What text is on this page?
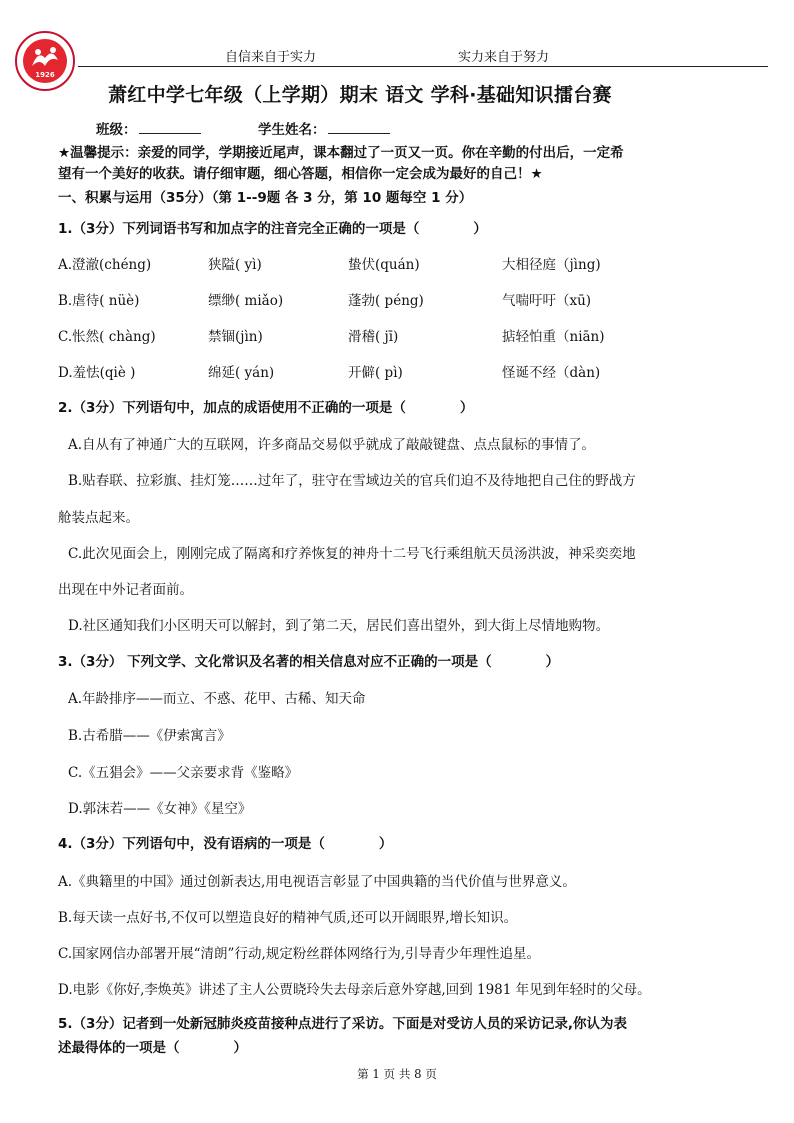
1926
自信来自于实力	实力来自于努力
萧红中学七年级（上学期）期末 语文 学科·基础知识擂台赛
班级：	学生姓名：
★温馨提示：亲爱的同学，学期接近尾声，课本翻过了一页又一页。你在辛勤的付出后，一定希
望有一个美好的收获。请仔细审题，细心答题，相信你一定会成为最好的自己！★
一、积累与运用（35分）（第 1--9题 各 3 分，第 10 题每空 1 分）
1.（3分）下列词语书写和加点字的注音完全正确的一项是（　　　　）
A.澄澈(chéng)	狭隘( yì)	蛰伏(quán)	大相径庭（jìng)
B.虐待( nüè)	缥缈( miǎo)	蓬勃( péng)	气喘吁吁（xū)
C.怅然( chàng)	禁锢(jìn)	滑稽( jī)	掂轻怕重（niān)
D.羞怯(qiè )	绵延( yán)	开僻( pì)	怪诞不经（dàn)
2.（3分）下列语句中，加点的成语使用不正确的一项是（　　　　）
A.自从有了神通广大的互联网，许多商品交易似乎就成了敲敲键盘、点点鼠标的事情了。
B.贴春联、拉彩旗、挂灯笼……过年了，驻守在雪域边关的官兵们迫不及待地把自己住的野战方
舱装点起来。
C.此次见面会上，刚刚完成了隔离和疗养恢复的神舟十二号飞行乘组航天员汤洪波，神采奕奕地
出现在中外记者面前。
D.社区通知我们小区明天可以解封，到了第二天，居民们喜出望外，到大街上尽情地购物。
3.（3分） 下列文学、文化常识及名著的相关信息对应不正确的一项是（　　　　）
A.年龄排序——而立、不惑、花甲、古稀、知天命
B.古希腊——《伊索寓言》
C.《五猖会》——父亲要求背《鉴略》
D.郭沫若——《女神》《星空》
4.（3分）下列语句中，没有语病的一项是（　　　　）
A.《典籍里的中国》通过创新表达,用电视语言彰显了中国典籍的当代价值与世界意义。
B.每天读一点好书,不仅可以塑造良好的精神气质,还可以开阔眼界,增长知识。
C.国家网信办部署开展“清朗”行动,规定粉丝群体网络行为,引导青少年理性追星。
D.电影《你好,李焕英》讲述了主人公贾晓玲失去母亲后意外穿越,回到 1981 年见到年轻时的父母。
5.（3分）记者到一处新冠肺炎疫苗接种点进行了采访。下面是对受访人员的采访记录,你认为表
述最得体的一项是（　　　　）
第 1 页 共 8 页
